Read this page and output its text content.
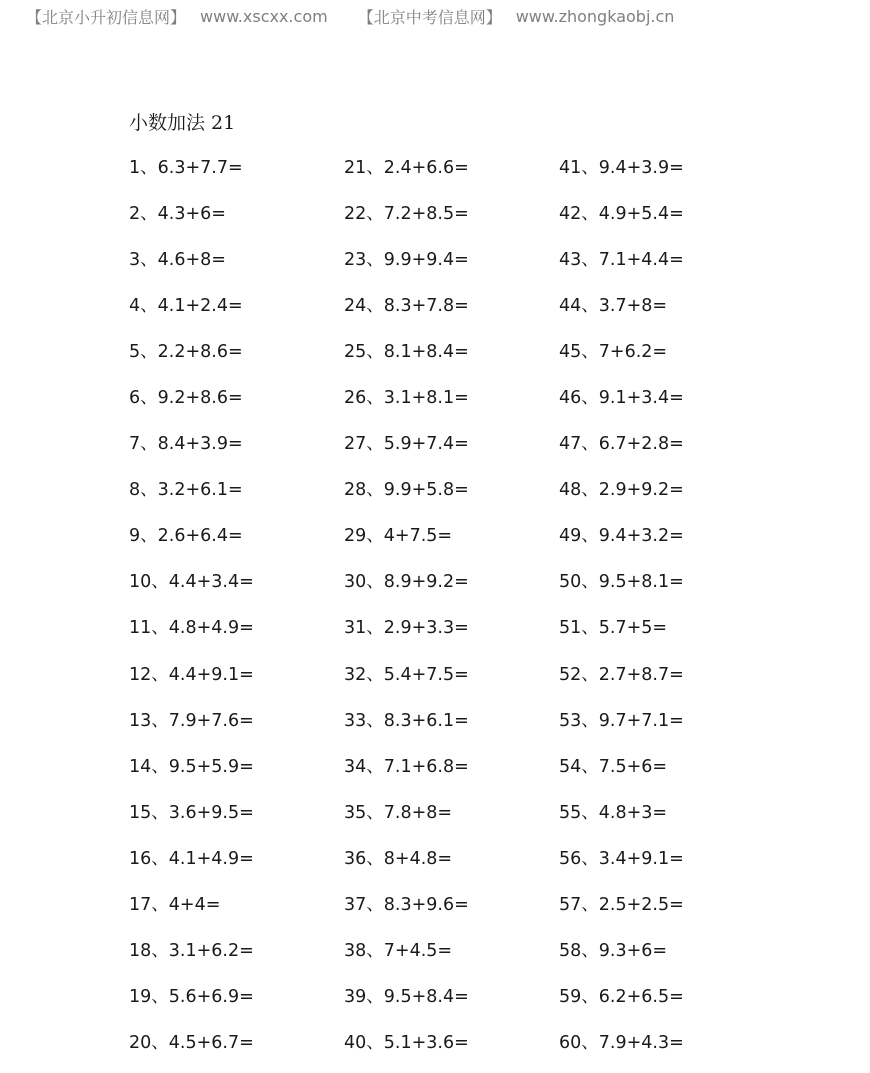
【北京小升初信息网】 www.xscxx.com 【北京中考信息网】 www.zhongkaobj.cn
小数加法 21
1、6.3+7.7=	21、2.4+6.6=	41、9.4+3.9=
2、4.3+6=	22、7.2+8.5=	42、4.9+5.4=
3、4.6+8=	23、9.9+9.4=	43、7.1+4.4=
4、4.1+2.4=	24、8.3+7.8=	44、3.7+8=
5、2.2+8.6=	25、8.1+8.4=	45、7+6.2=
6、9.2+8.6=	26、3.1+8.1=	46、9.1+3.4=
7、8.4+3.9=	27、5.9+7.4=	47、6.7+2.8=
8、3.2+6.1=	28、9.9+5.8=	48、2.9+9.2=
9、2.6+6.4=	29、4+7.5=	49、9.4+3.2=
10、4.4+3.4=	30、8.9+9.2=	50、9.5+8.1=
11、4.8+4.9=	31、2.9+3.3=	51、5.7+5=
12、4.4+9.1=	32、5.4+7.5=	52、2.7+8.7=
13、7.9+7.6=	33、8.3+6.1=	53、9.7+7.1=
14、9.5+5.9=	34、7.1+6.8=	54、7.5+6=
15、3.6+9.5=	35、7.8+8=	55、4.8+3=
16、4.1+4.9=	36、8+4.8=	56、3.4+9.1=
17、4+4=	37、8.3+9.6=	57、2.5+2.5=
18、3.1+6.2=	38、7+4.5=	58、9.3+6=
19、5.6+6.9=	39、9.5+8.4=	59、6.2+6.5=
20、4.5+6.7=	40、5.1+3.6=	60、7.9+4.3=
